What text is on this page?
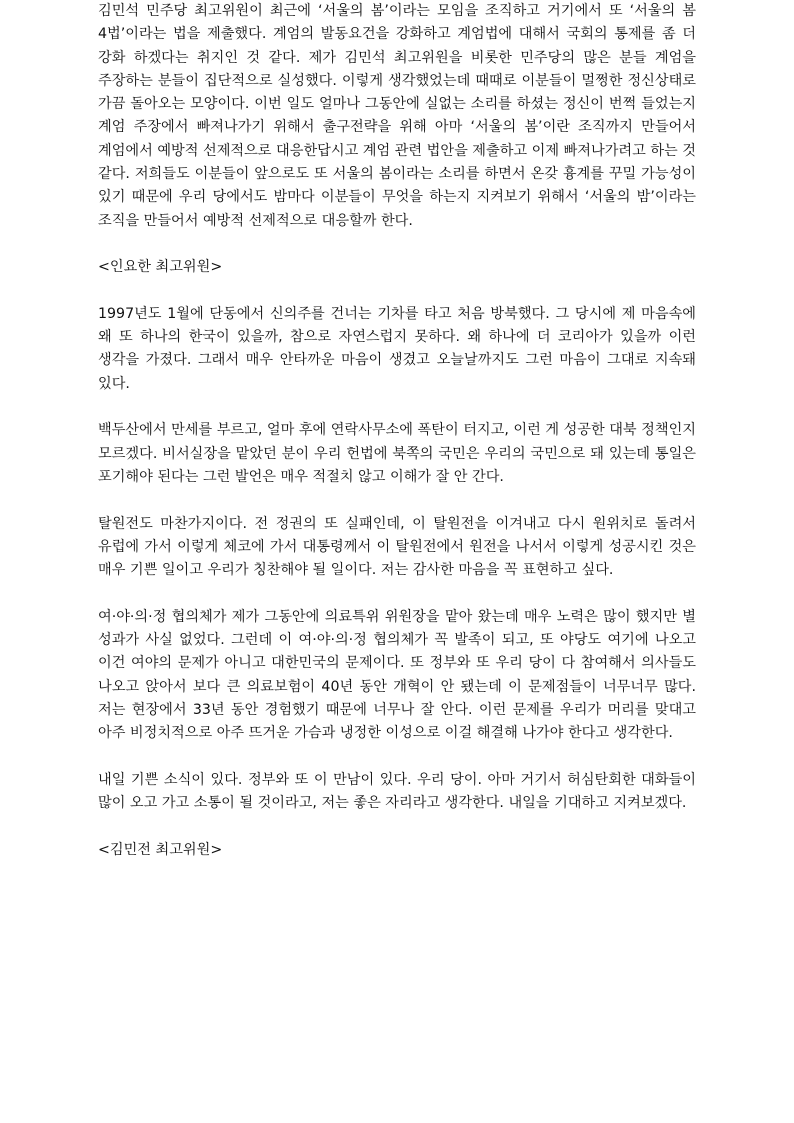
김민석 민주당 최고위원이 최근에 ‘서울의 봄’이라는 모임을 조직하고 거기에서 또 ‘서울의 봄 4법’이라는 법을 제출했다. 계엄의 발동요건을 강화하고 계엄법에 대해서 국회의 통제를 좀 더 강화 하겠다는 취지인 것 같다. 제가 김민석 최고위원을 비롯한 민주당의 많은 분들 계엄을 주장하는 분들이 집단적으로 실성했다. 이렇게 생각했었는데 때때로 이분들이 멀쩡한 정신상태로 가끔 돌아오는 모양이다. 이번 일도 얼마나 그동안에 실없는 소리를 하셨는 정신이 번쩍 들었는지 계엄 주장에서 빠져나가기 위해서 출구전략을 위해 아마 ‘서울의 봄’이란 조직까지 만들어서 계엄에서 예방적 선제적으로 대응한답시고 계엄 관련 법안을 제출하고 이제 빠져나가려고 하는 것 같다. 저희들도 이분들이 앞으로도 또 서울의 봄이라는 소리를 하면서 온갖 흉계를 꾸밀 가능성이 있기 때문에 우리 당에서도 밤마다 이분들이 무엇을 하는지 지켜보기 위해서 ‘서울의 밤’이라는 조직을 만들어서 예방적 선제적으로 대응할까 한다.

<인요한 최고위원>

1997년도 1월에 단동에서 신의주를 건너는 기차를 타고 처음 방북했다. 그 당시에 제 마음속에 왜 또 하나의 한국이 있을까, 참으로 자연스럽지 못하다. 왜 하나에 더 코리아가 있을까 이런 생각을 가졌다. 그래서 매우 안타까운 마음이 생겼고 오늘날까지도 그런 마음이 그대로 지속돼 있다.

백두산에서 만세를 부르고, 얼마 후에 연락사무소에 폭탄이 터지고, 이런 게 성공한 대북 정책인지 모르겠다. 비서실장을 맡았던 분이 우리 헌법에 북쪽의 국민은 우리의 국민으로 돼 있는데 통일은 포기해야 된다는 그런 발언은 매우 적절치 않고 이해가 잘 안 간다.

탈원전도 마찬가지이다. 전 정권의 또 실패인데, 이 탈원전을 이겨내고 다시 원위치로 돌려서 유럽에 가서 이렇게 체코에 가서 대통령께서 이 탈원전에서 원전을 나서서 이렇게 성공시킨 것은 매우 기쁜 일이고 우리가 칭찬해야 될 일이다. 저는 감사한 마음을 꼭 표현하고 싶다.

여·야·의·정 협의체가 제가 그동안에 의료특위 위원장을 맡아 왔는데 매우 노력은 많이 했지만 별 성과가 사실 없었다. 그런데 이 여·야·의·정 협의체가 꼭 발족이 되고, 또 야당도 여기에 나오고 이건 여야의 문제가 아니고 대한민국의 문제이다. 또 정부와 또 우리 당이 다 참여해서 의사들도 나오고 앉아서 보다 큰 의료보험이 40년 동안 개혁이 안 됐는데 이 문제점들이 너무너무 많다. 저는 현장에서 33년 동안 경험했기 때문에 너무나 잘 안다. 이런 문제를 우리가 머리를 맞대고 아주 비정치적으로 아주 뜨거운 가슴과 냉정한 이성으로 이걸 해결해 나가야 한다고 생각한다.

내일 기쁜 소식이 있다. 정부와 또 이 만남이 있다. 우리 당이. 아마 거기서 허심탄회한 대화들이 많이 오고 가고 소통이 될 것이라고, 저는 좋은 자리라고 생각한다. 내일을 기대하고 지켜보겠다.

<김민전 최고위원>
